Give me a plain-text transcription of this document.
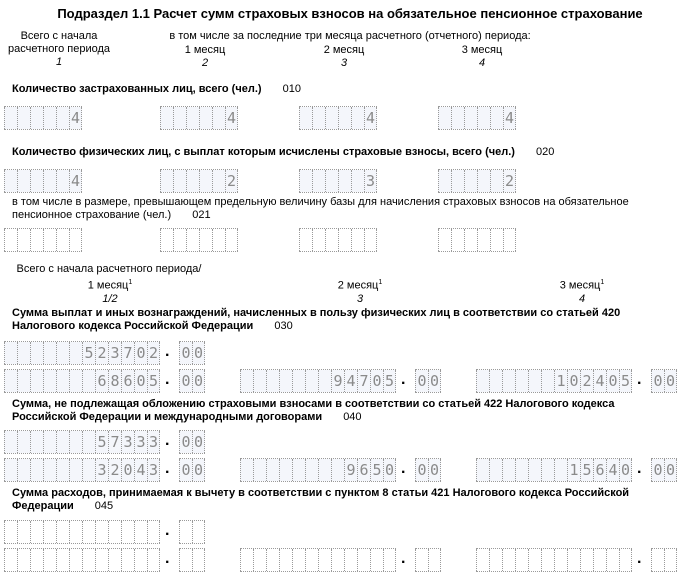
Подраздел 1.1 Расчет сумм страховых взносов на обязательное пенсионное страхование
Всего с начала расчетного периода
1
в том числе за последние три месяца расчетного (отчетного) периода:
1 месяц
2
2 месяц
3
3 месяц
4
Количество застрахованных лиц, всего (чел.) 010
4	4	4	4
Количество физических лиц, с выплат которым исчислены страховые взносы, всего (чел.) 020
4	2	3	2
в том числе в размере, превышающем предельную величину базы для начисления страховых взносов на обязательное пенсионное страхование (чел.) 021
Всего с начала расчетного периода/
1 месяц$^1$
1/2
2 месяц$^1$
3
3 месяц$^1$
4
Сумма выплат и иных вознаграждений, начисленных в пользу физических лиц в соответствии со статьей 420 Налогового кодекса Российской Федерации 030
5 2 3 7 0 2 . 0 0
6 8 6 0 5 . 0 0	9 4 7 0 5 . 0 0	1 0 2 4 0 5 . 0 0
Сумма, не подлежащая обложению страховыми взносами в соответствии со статьей 422 Налогового кодекса Российской Федерации и международными договорами 040
5 7 3 3 3 . 0 0
3 2 0 4 3 . 0 0	9 6 5 0 . 0 0	1 5 6 4 0 . 0 0
Сумма расходов, принимаемая к вычету в соответствии с пунктом 8 статьи 421 Налогового кодекса Российской Федерации 045
.
.	.	.
